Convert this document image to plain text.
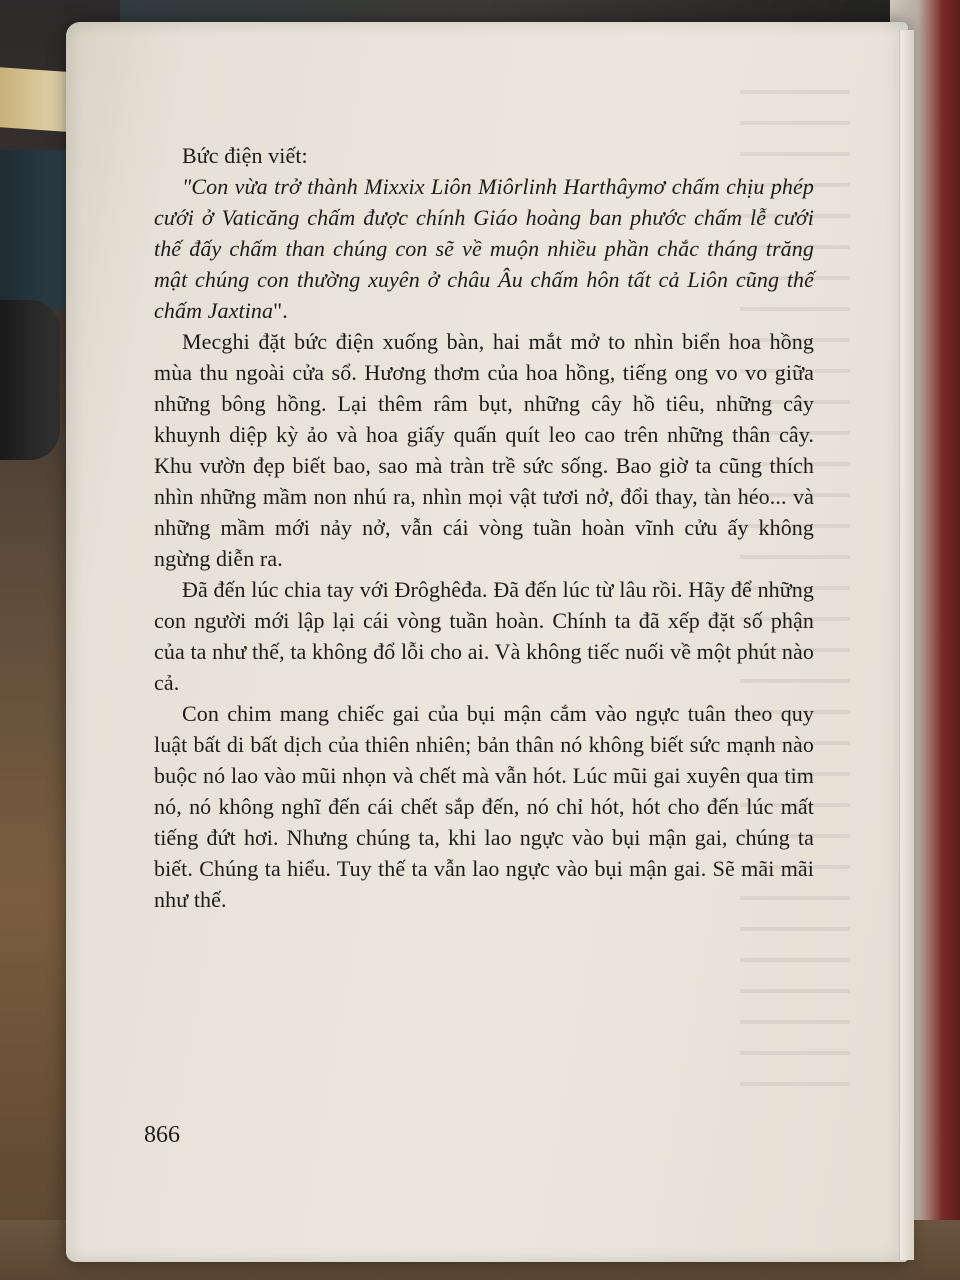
Bức điện viết:

"Con vừa trở thành Mixxix Liôn Miôrlinh Harthâymơ chấm chịu phép cưới ở Vaticăng chấm được chính Giáo hoàng ban phước chấm lễ cưới thế đấy chấm than chúng con sẽ về muộn nhiều phần chắc tháng trăng mật chúng con thường xuyên ở châu Âu chấm hôn tất cả Liôn cũng thế chấm Jaxtina".

Mecghi đặt bức điện xuống bàn, hai mắt mở to nhìn biển hoa hồng mùa thu ngoài cửa sổ. Hương thơm của hoa hồng, tiếng ong vo vo giữa những bông hồng. Lại thêm râm bụt, những cây hồ tiêu, những cây khuynh diệp kỳ ảo và hoa giấy quấn quít leo cao trên những thân cây. Khu vườn đẹp biết bao, sao mà tràn trề sức sống. Bao giờ ta cũng thích nhìn những mầm non nhú ra, nhìn mọi vật tươi nở, đổi thay, tàn héo... và những mầm mới nảy nở, vẫn cái vòng tuần hoàn vĩnh cửu ấy không ngừng diễn ra.

Đã đến lúc chia tay với Đrôghêđa. Đã đến lúc từ lâu rồi. Hãy để những con người mới lập lại cái vòng tuần hoàn. Chính ta đã xếp đặt số phận của ta như thế, ta không đổ lỗi cho ai. Và không tiếc nuối về một phút nào cả.

Con chim mang chiếc gai của bụi mận cắm vào ngực tuân theo quy luật bất di bất dịch của thiên nhiên; bản thân nó không biết sức mạnh nào buộc nó lao vào mũi nhọn và chết mà vẫn hót. Lúc mũi gai xuyên qua tim nó, nó không nghĩ đến cái chết sắp đến, nó chỉ hót, hót cho đến lúc mất tiếng đứt hơi. Nhưng chúng ta, khi lao ngực vào bụi mận gai, chúng ta biết. Chúng ta hiểu. Tuy thế ta vẫn lao ngực vào bụi mận gai. Sẽ mãi mãi như thế.

866
